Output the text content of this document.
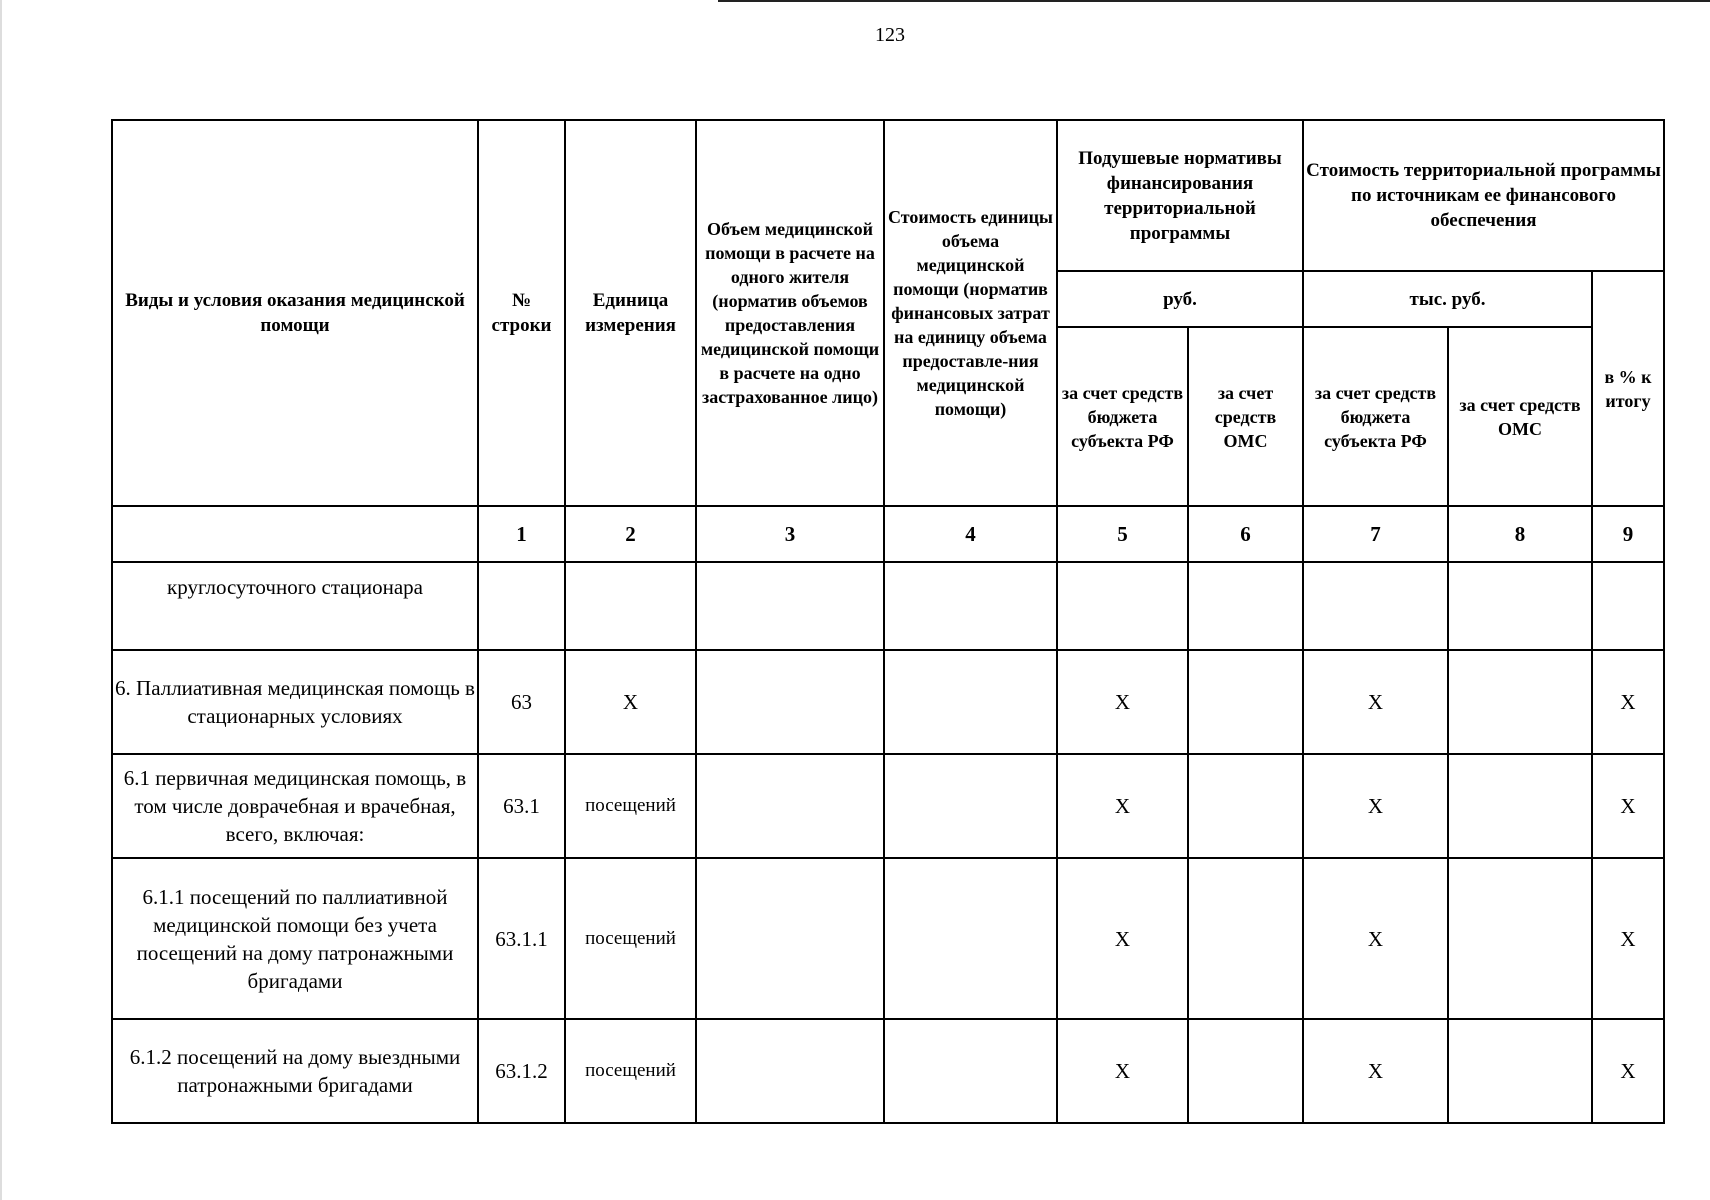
123
Виды и условия оказания медицинской помощи	№ строки	Единица измерения	Объем медицинской помощи в расчете на одного жителя (норматив объемов предоставления медицинской помощи в расчете на одно застрахованное лицо)	Стоимость единицы объема медицинской помощи (норматив финансовых затрат на единицу объема предоставле-ния медицинской помощи)	Подушевые нормативы финансирования территориальной программы		Стоимость территориальной программы по источникам ее финансового обеспечения		
					руб.		тыс. руб.		в % к итогу
					за счет средств бюджета субъекта РФ	за счет средств ОМС	за счет средств бюджета субъекта РФ	за счет средств ОМС	
	1	2	3	4	5	6	7	8	9
круглосуточного стационара									
6. Паллиативная медицинская помощь в стационарных условиях	63	Х			Х		Х		Х
6.1 первичная медицинская помощь, в том числе доврачебная и врачебная, всего, включая:	63.1	посещений			Х		Х		Х
6.1.1 посещений по паллиативной медицинской помощи без учета посещений на дому патронажными бригадами	63.1.1	посещений			Х		Х		Х
6.1.2 посещений на дому выездными патронажными бригадами	63.1.2	посещений			Х		Х		Х
